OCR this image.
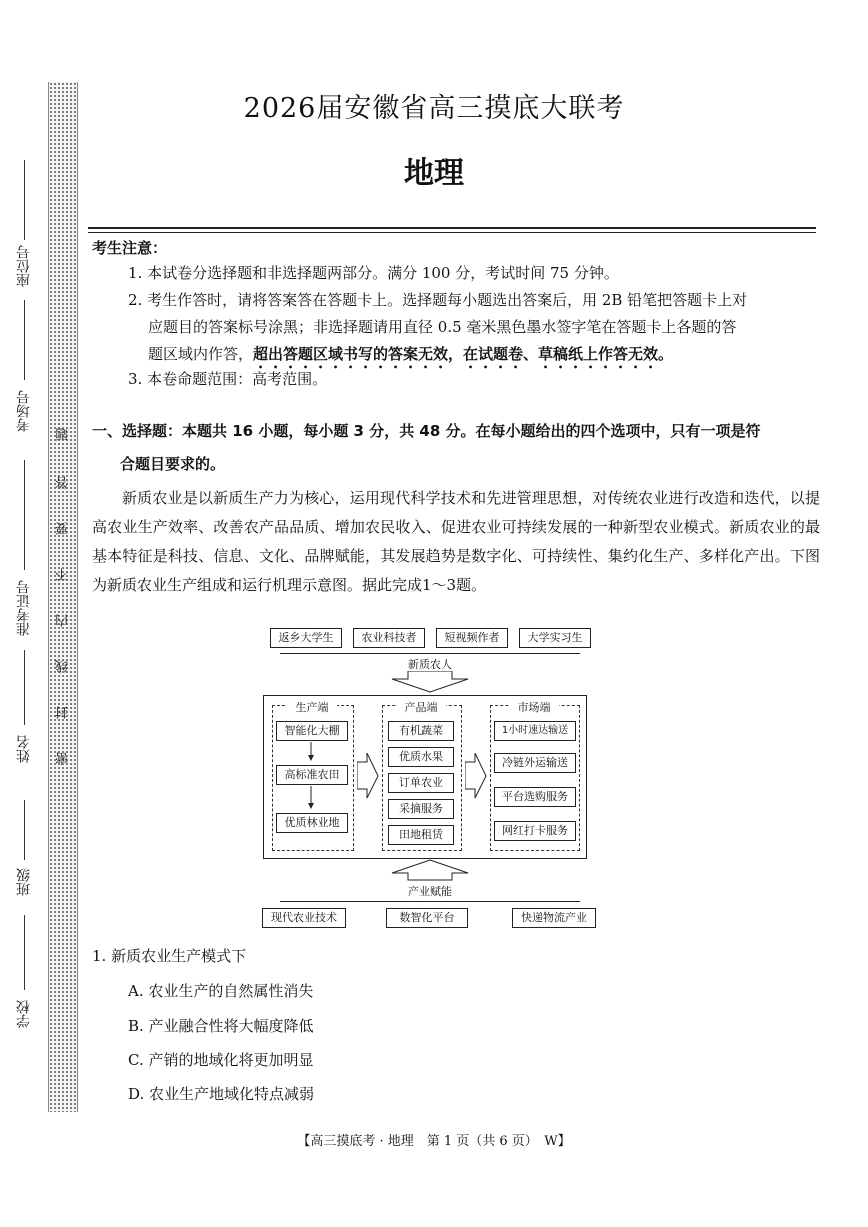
座位号
考场号
准考证号
姓名
班级
学校
题
答
要
不
内
线
封
密
2026届安徽省高三摸底大联考
地理
考生注意：
1. 本试卷分选择题和非选择题两部分。满分 100 分，考试时间 75 分钟。
2. 考生作答时，请将答案答在答题卡上。选择题每小题选出答案后，用 2B 铅笔把答题卡上对
应题目的答案标号涂黑；非选择题请用直径 0.5 毫米黑色墨水签字笔在答题卡上各题的答
题区域内作答，超出答题区域书写的答案无效，在试题卷、草稿纸上作答无效。
3. 本卷命题范围：高考范围。
一、选择题：本题共 16 小题，每小题 3 分，共 48 分。在每小题给出的四个选项中，只有一项是符
合题目要求的。
新质农业是以新质生产力为核心，运用现代科学技术和先进管理思想，对传统农业进行改造和迭代，以提高农业生产效率、改善农产品品质、增加农民收入、促进农业可持续发展的一种新型农业模式。新质农业的最基本特征是科技、信息、文化、品牌赋能，其发展趋势是数字化、可持续性、集约化生产、多样化产出。下图为新质农业生产组成和运行机理示意图。据此完成1～3题。
返乡大学生	农业科技者	短视频作者	大学实习生
新质农人
生产端
智能化大棚
高标准农田
优质林业地
产品端
有机蔬菜
优质水果
订单农业
采摘服务
田地租赁
市场端
1小时速达输送
冷链外运输送
平台选购服务
网红打卡服务
产业赋能
现代农业技术	数智化平台	快递物流产业
1. 新质农业生产模式下
A. 农业生产的自然属性消失
B. 产业融合性将大幅度降低
C. 产销的地域化将更加明显
D. 农业生产地域化特点减弱
【高三摸底考 · 地理　第 1 页（共 6 页）　W】
